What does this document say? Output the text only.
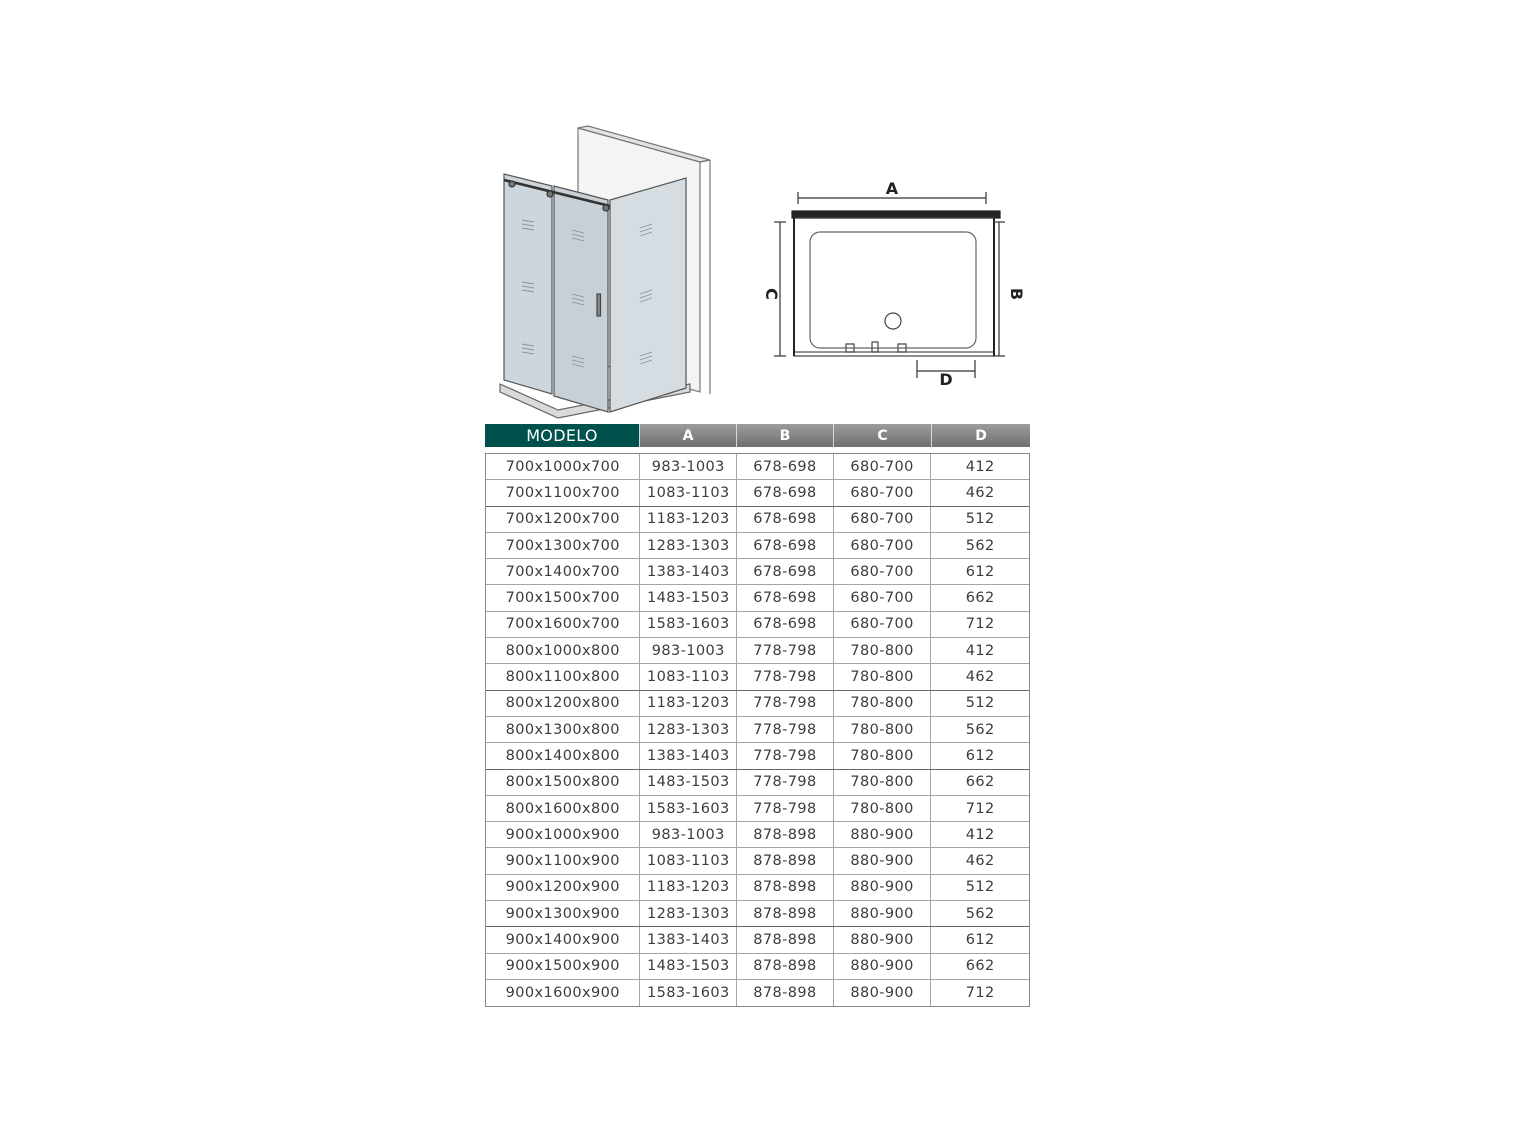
A
C	B
D
MODELO	A	B	C	D
700x1000x700	983-1003	678-698	680-700	412
700x1100x700	1083-1103	678-698	680-700	462
700x1200x700	1183-1203	678-698	680-700	512
700x1300x700	1283-1303	678-698	680-700	562
700x1400x700	1383-1403	678-698	680-700	612
700x1500x700	1483-1503	678-698	680-700	662
700x1600x700	1583-1603	678-698	680-700	712
800x1000x800	983-1003	778-798	780-800	412
800x1100x800	1083-1103	778-798	780-800	462
800x1200x800	1183-1203	778-798	780-800	512
800x1300x800	1283-1303	778-798	780-800	562
800x1400x800	1383-1403	778-798	780-800	612
800x1500x800	1483-1503	778-798	780-800	662
800x1600x800	1583-1603	778-798	780-800	712
900x1000x900	983-1003	878-898	880-900	412
900x1100x900	1083-1103	878-898	880-900	462
900x1200x900	1183-1203	878-898	880-900	512
900x1300x900	1283-1303	878-898	880-900	562
900x1400x900	1383-1403	878-898	880-900	612
900x1500x900	1483-1503	878-898	880-900	662
900x1600x900	1583-1603	878-898	880-900	712
